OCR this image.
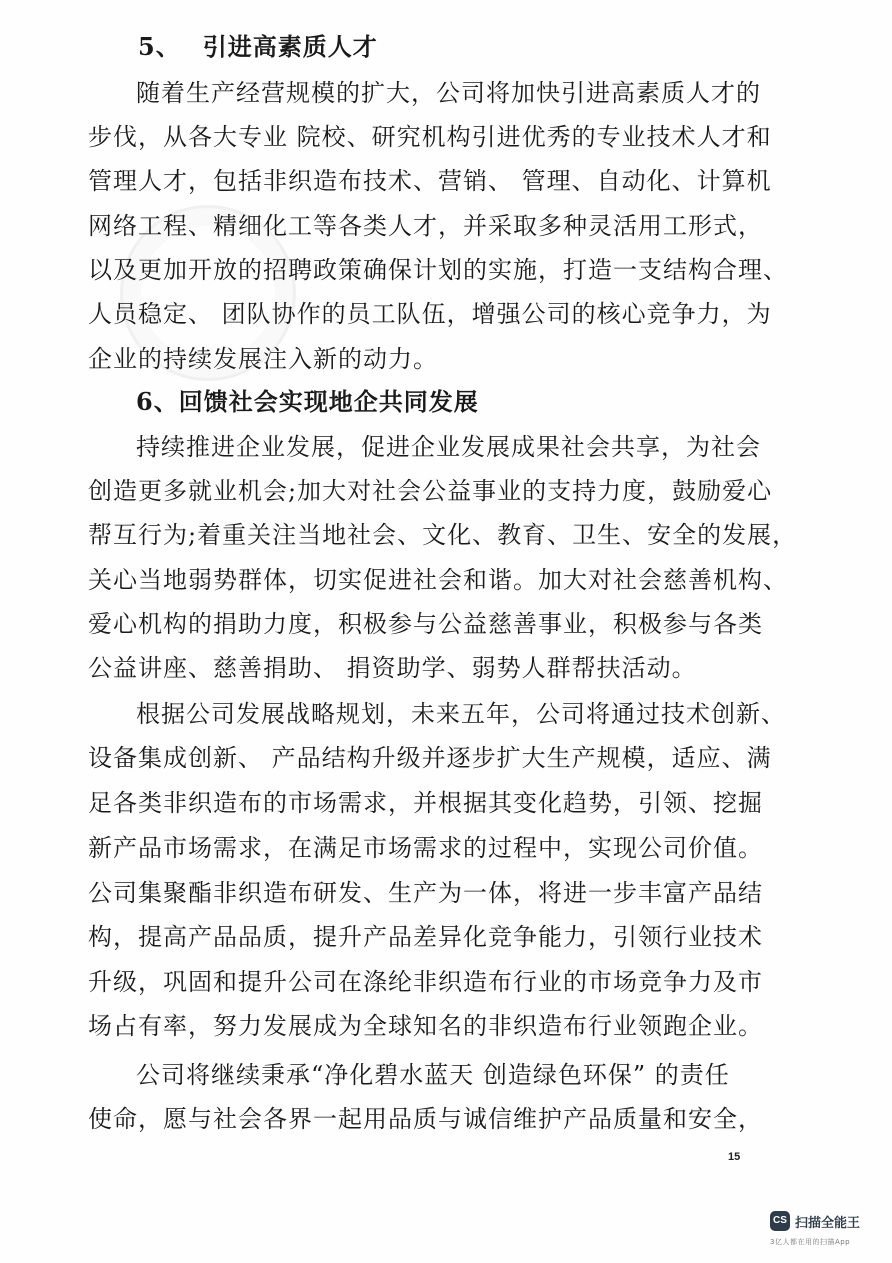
5、 引进高素质人才
随着生产经营规模的扩大，公司将加快引进高素质人才的
步伐，从各大专业 院校、研究机构引进优秀的专业技术人才和
管理人才，包括非织造布技术、营销、 管理、自动化、计算机
网络工程、精细化工等各类人才，并采取多种灵活用工形式，
以及更加开放的招聘政策确保计划的实施，打造一支结构合理、
人员稳定、 团队协作的员工队伍，增强公司的核心竞争力，为
企业的持续发展注入新的动力。
6、回馈社会实现地企共同发展
持续推进企业发展，促进企业发展成果社会共享，为社会
创造更多就业机会;加大对社会公益事业的支持力度，鼓励爱心
帮互行为;着重关注当地社会、文化、教育、卫生、安全的发展，
关心当地弱势群体，切实促进社会和谐。加大对社会慈善机构、
爱心机构的捐助力度，积极参与公益慈善事业，积极参与各类
公益讲座、慈善捐助、 捐资助学、弱势人群帮扶活动。
根据公司发展战略规划，未来五年，公司将通过技术创新、
设备集成创新、 产品结构升级并逐步扩大生产规模，适应、满
足各类非织造布的市场需求，并根据其变化趋势，引领、挖掘
新产品市场需求，在满足市场需求的过程中，实现公司价值。
公司集聚酯非织造布研发、生产为一体，将进一步丰富产品结
构，提高产品品质，提升产品差异化竞争能力，引领行业技术
升级，巩固和提升公司在涤纶非织造布行业的市场竞争力及市
场占有率，努力发展成为全球知名的非织造布行业领跑企业。
公司将继续秉承“净化碧水蓝天 创造绿色环保” 的责任
使命，愿与社会各界一起用品质与诚信维护产品质量和安全，
15
CS 扫描全能王
3亿人都在用的扫描App
